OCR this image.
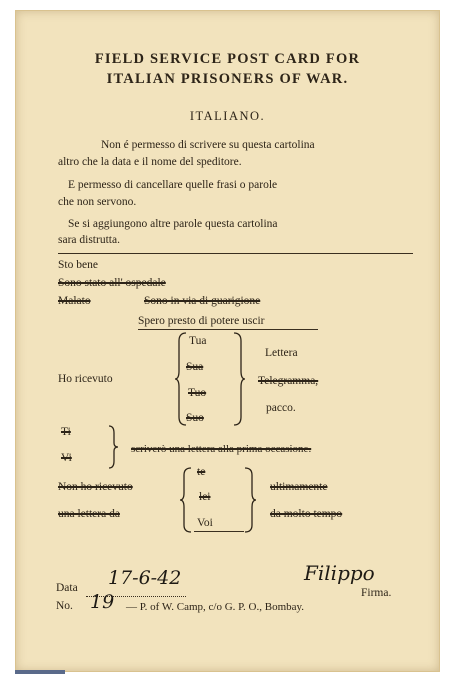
FIELD SERVICE POST CARD FOR
ITALIAN PRISONERS OF WAR.
ITALIANO.
Non é permesso di scrivere su questa cartolina
altro che la data e il nome del speditore.
E permesso di cancellare quelle frasi o parole
che non servono.
Se si aggiungono altre parole questa cartolina
sara distrutta.
Sto bene
Sono stato all' ospedale
Malato	Sono in via di guarigione
Spero presto di potere uscir
Ho ricevuto
Tua
Sua
Tuo
Suo
Lettera
Telegramma,
pacco.
Ti
Vi
scriverò una lettera alla prima occasione.
Non ho ricevuto
una lettera da
te
lei
Voi
ultimamente
da molto tempo
Data 17-6-42	Filippo
Firma.
No. 19 — P. of W. Camp, c/o G. P. O., Bombay.
